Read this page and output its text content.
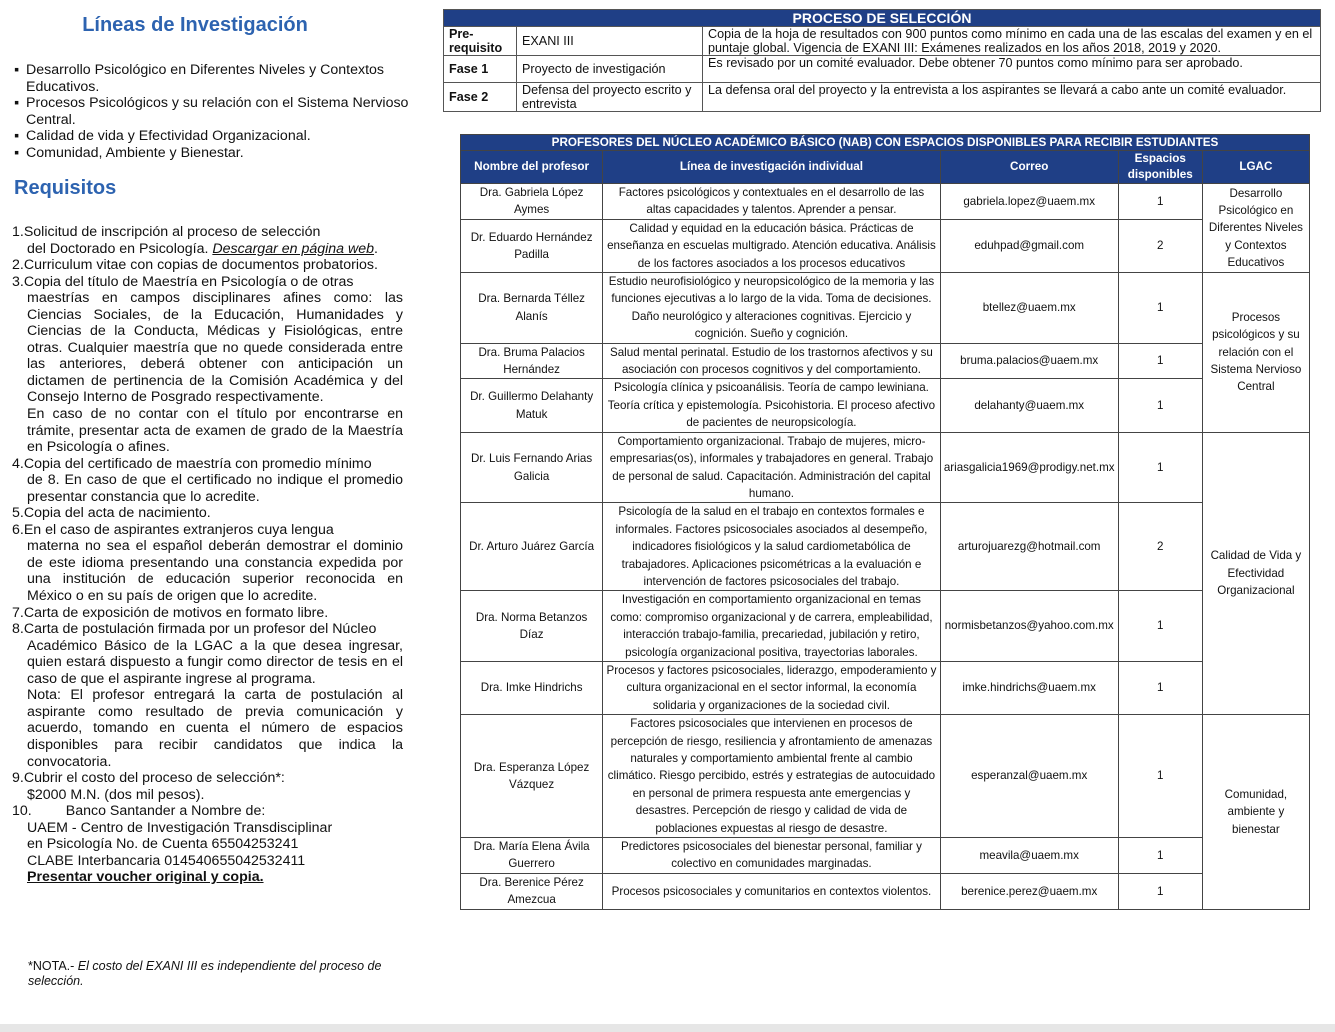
Líneas de Investigación
▪ Desarrollo Psicológico en Diferentes Niveles y Contextos Educativos.
▪ Procesos Psicológicos y su relación con el Sistema Nervioso Central.
▪ Calidad de vida y Efectividad Organizacional.
▪ Comunidad, Ambiente y Bienestar.
Requisitos
1.Solicitud de inscripción al proceso de selección
del Doctorado en Psicología. Descargar en página web.
2.Curriculum vitae con copias de documentos probatorios.
3.Copia del título de Maestría en Psicología o de otras
maestrías en campos disciplinares afines como: las Ciencias Sociales, de la Educación, Humanidades y Ciencias de la Conducta, Médicas y Fisiológicas, entre otras. Cualquier maestría que no quede considerada entre las anteriores, deberá obtener con anticipación un dictamen de pertinencia de la Comisión Académica y del Consejo Interno de Posgrado respectivamente.
En caso de no contar con el título por encontrarse en trámite, presentar acta de examen de grado de la Maestría en Psicología o afines.
4.Copia del certificado de maestría con promedio mínimo
de 8. En caso de que el certificado no indique el promedio presentar constancia que lo acredite.
5.Copia del acta de nacimiento.
6.En el caso de aspirantes extranjeros cuya lengua
materna no sea el español deberán demostrar el dominio de este idioma presentando una constancia expedida por una institución de educación superior reconocida en México o en su país de origen que lo acredite.
7.Carta de exposición de motivos en formato libre.
8.Carta de postulación firmada por un profesor del Núcleo
Académico Básico de la LGAC a la que desea ingresar, quien estará dispuesto a fungir como director de tesis en el caso de que el aspirante ingrese al programa.
Nota: El profesor entregará la carta de postulación al aspirante como resultado de previa comunicación y acuerdo, tomando en cuenta el número de espacios disponibles para recibir candidatos que indica la convocatoria.
9.Cubrir el costo del proceso de selección*:
$2000 M.N. (dos mil pesos).
10. Banco Santander a Nombre de:
UAEM - Centro de Investigación Transdisciplinar
en Psicología No. de Cuenta 65504253241
CLABE Interbancaria 014540655042532411
Presentar voucher original y copia.
*NOTA.- El costo del EXANI III es independiente del proceso de selección.
PROCESO DE SELECCIÓN		
Pre-requisito	EXANI III	Copia de la hoja de resultados con 900 puntos como mínimo en cada una de las escalas del examen y en el puntaje global. Vigencia de EXANI III: Exámenes realizados en los años 2018, 2019 y 2020.
Fase 1	Proyecto de investigación	Es revisado por un comité evaluador. Debe obtener 70 puntos como mínimo para ser aprobado.
Fase 2	Defensa del proyecto escrito y entrevista	La defensa oral del proyecto y la entrevista a los aspirantes se llevará a cabo ante un comité evaluador.
PROFESORES DEL NÚCLEO ACADÉMICO BÁSICO (NAB) CON ESPACIOS DISPONIBLES PARA RECIBIR ESTUDIANTES				
Nombre del profesor	Línea de investigación individual	Correo	Espacios disponibles	LGAC
Dra. Gabriela López Aymes	Factores psicológicos y contextuales en el desarrollo de las altas capacidades y talentos. Aprender a pensar.	gabriela.lopez@uaem.mx	1	Desarrollo Psicológico en Diferentes Niveles y Contextos Educativos
Dr. Eduardo Hernández Padilla	Calidad y equidad en la educación básica. Prácticas de enseñanza en escuelas multigrado. Atención educativa. Análisis de los factores asociados a los procesos educativos	eduhpad@gmail.com	2	
Dra. Bernarda Téllez Alanís	Estudio neurofisiológico y neuropsicológico de la memoria y las funciones ejecutivas a lo largo de la vida. Toma de decisiones. Daño neurológico y alteraciones cognitivas. Ejercicio y cognición. Sueño y cognición.	btellez@uaem.mx	1	Procesos psicológicos y su relación con el Sistema Nervioso Central
Dra. Bruma Palacios Hernández	Salud mental perinatal. Estudio de los trastornos afectivos y su asociación con procesos cognitivos y del comportamiento.	bruma.palacios@uaem.mx	1	
Dr. Guillermo Delahanty Matuk	Psicología clínica y psicoanálisis. Teoría de campo lewiniana. Teoría crítica y epistemología. Psicohistoria. El proceso afectivo de pacientes de neuropsicología.	delahanty@uaem.mx	1	
Dr. Luis Fernando Arias Galicia	Comportamiento organizacional. Trabajo de mujeres, micro-empresarias(os), informales y trabajadores en general. Trabajo de personal de salud. Capacitación. Administración del capital humano.	ariasgalicia1969@prodigy.net.mx	1	Calidad de Vida y Efectividad Organizacional
Dr. Arturo Juárez García	Psicología de la salud en el trabajo en contextos formales e informales. Factores psicosociales asociados al desempeño, indicadores fisiológicos y la salud cardiometabólica de trabajadores. Aplicaciones psicométricas a la evaluación e intervención de factores psicosociales del trabajo.	arturojuarezg@hotmail.com	2	
Dra. Norma Betanzos Díaz	Investigación en comportamiento organizacional en temas como: compromiso organizacional y de carrera, empleabilidad, interacción trabajo-familia, precariedad, jubilación y retiro, psicología organizacional positiva, trayectorias laborales.	normisbetanzos@yahoo.com.mx	1	
Dra. Imke Hindrichs	Procesos y factores psicosociales, liderazgo, empoderamiento y cultura organizacional en el sector informal, la economía solidaria y organizaciones de la sociedad civil.	imke.hindrichs@uaem.mx	1	
Dra. Esperanza López Vázquez	Factores psicosociales que intervienen en procesos de percepción de riesgo, resiliencia y afrontamiento de amenazas naturales y comportamiento ambiental frente al cambio climático. Riesgo percibido, estrés y estrategias de autocuidado en personal de primera respuesta ante emergencias y desastres. Percepción de riesgo y calidad de vida de poblaciones expuestas al riesgo de desastre.	esperanzal@uaem.mx	1	Comunidad, ambiente y bienestar
Dra. María Elena Ávila Guerrero	Predictores psicosociales del bienestar personal, familiar y colectivo en comunidades marginadas.	meavila@uaem.mx	1	
Dra. Berenice Pérez Amezcua	Procesos psicosociales y comunitarios en contextos violentos.	berenice.perez@uaem.mx	1	
